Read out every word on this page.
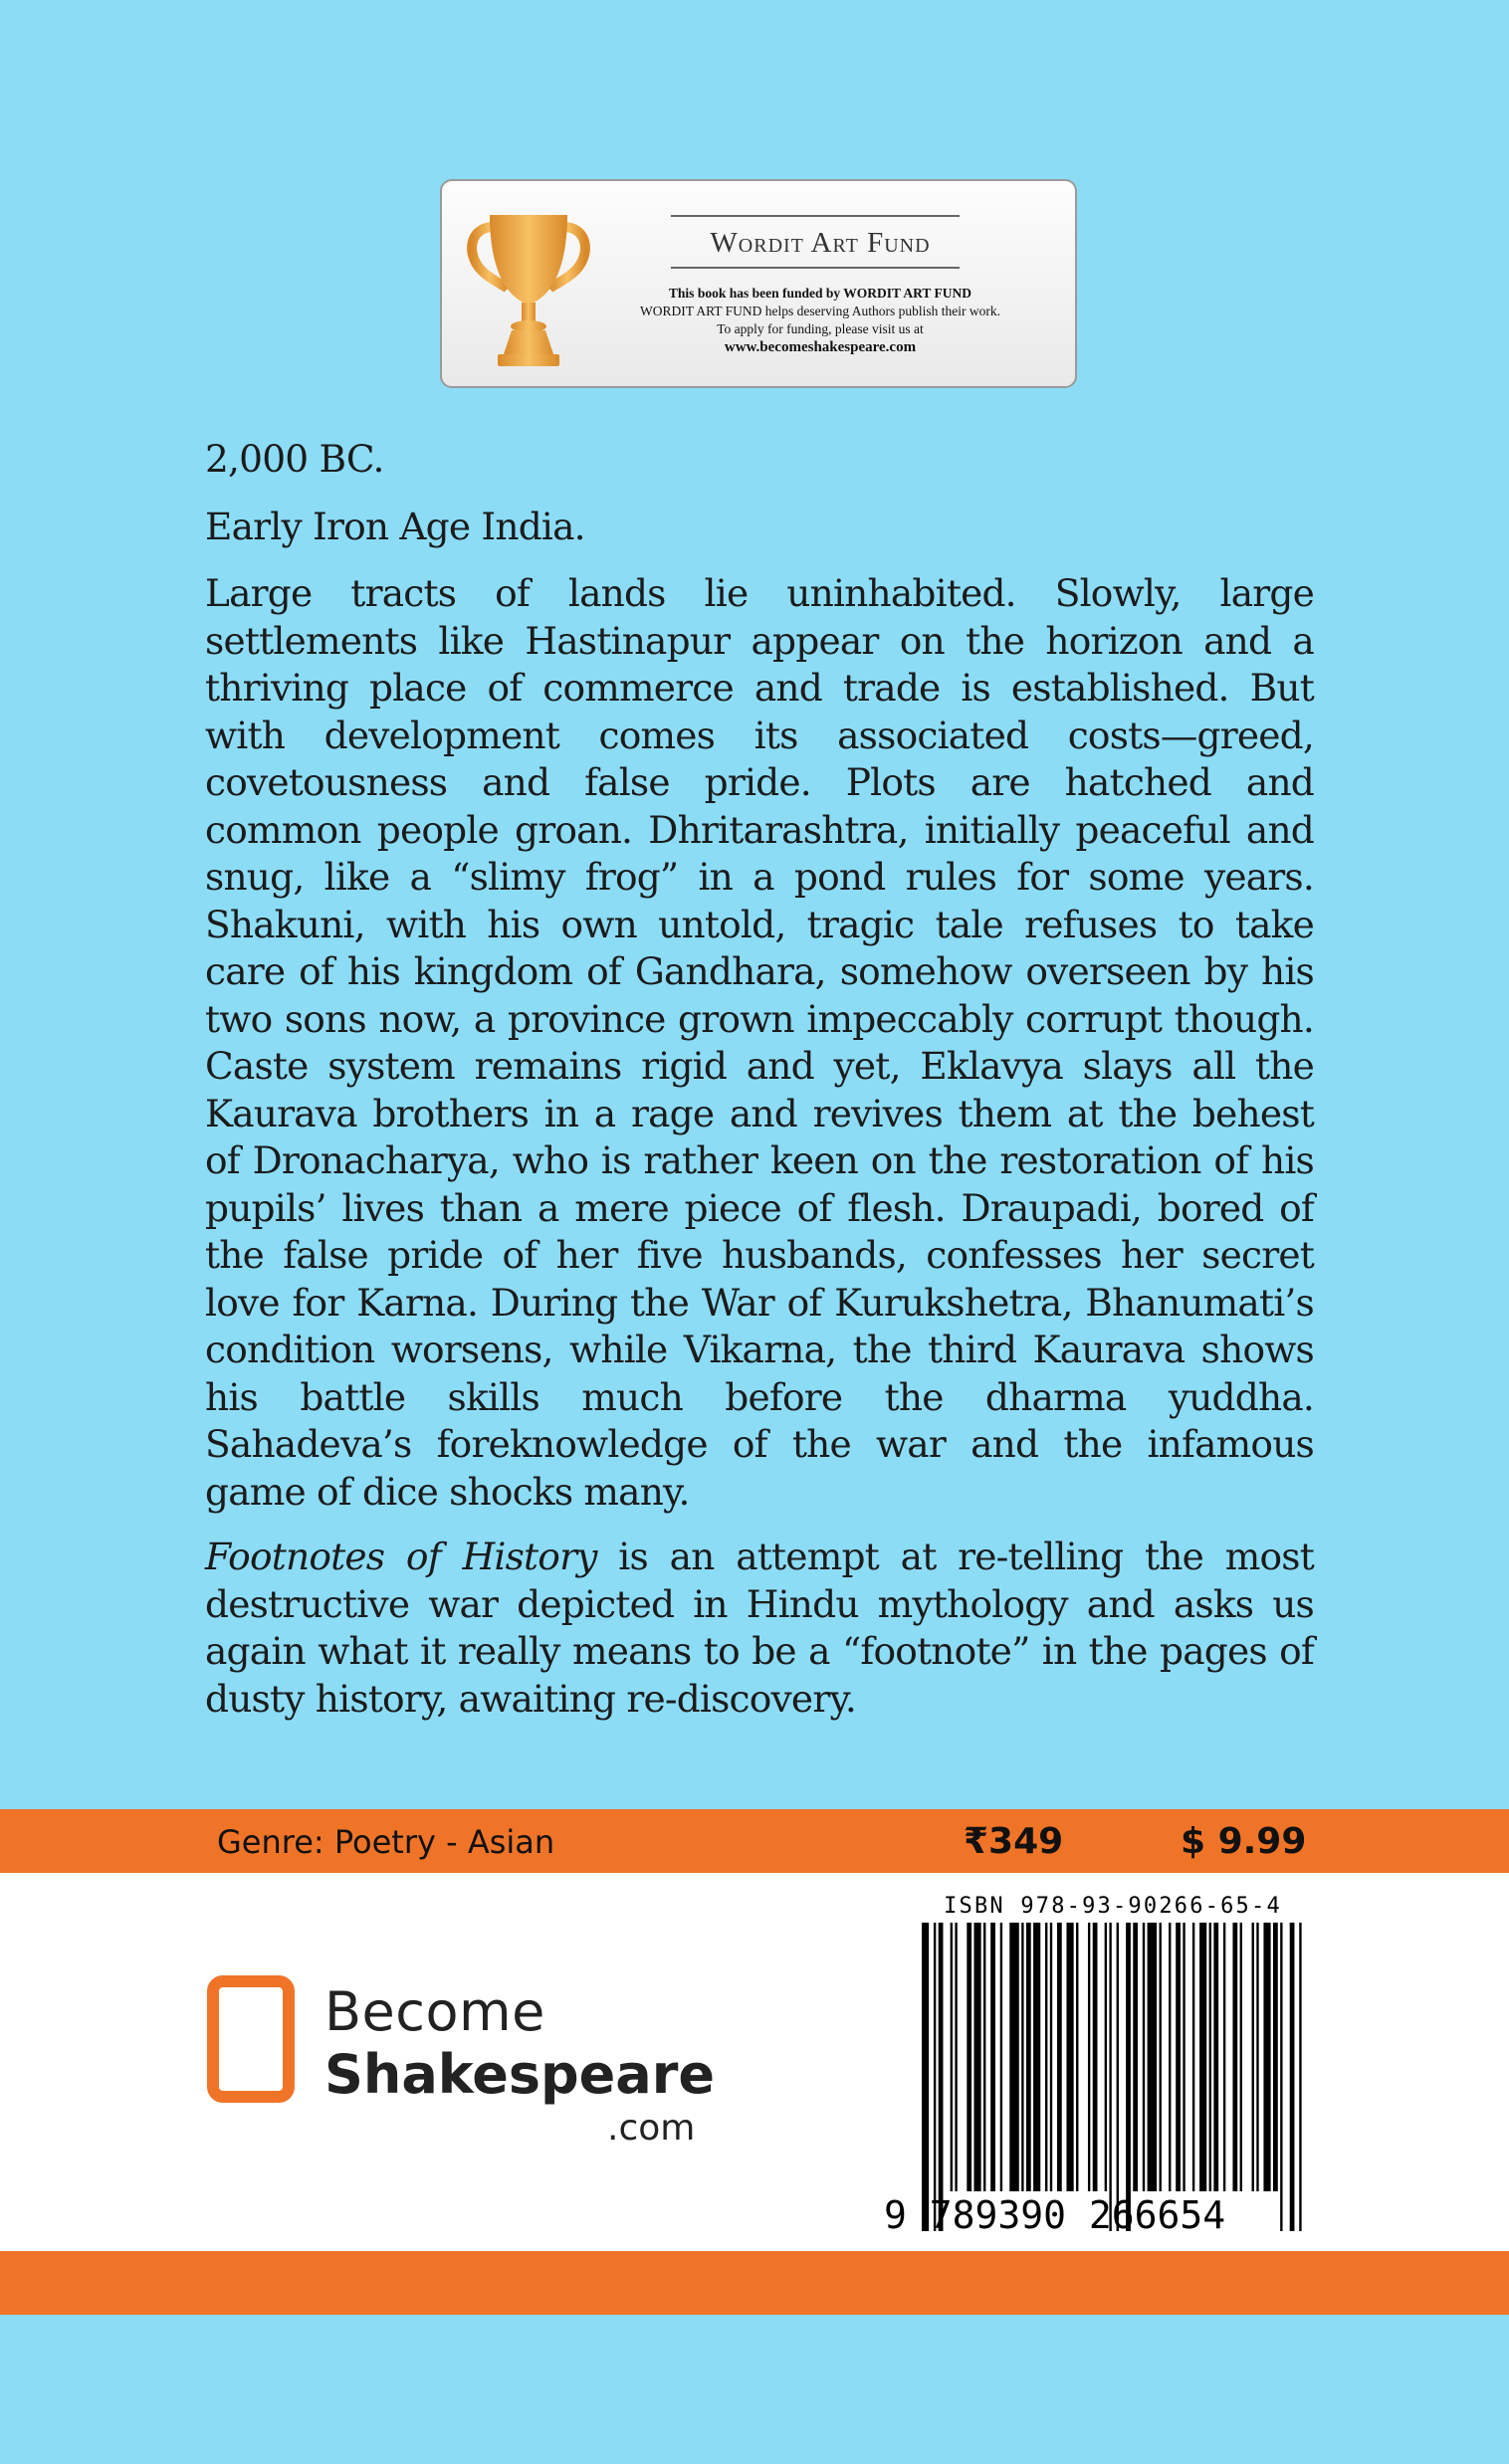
Wordit Art Fund
This book has been funded by WORDIT ART FUND
WORDIT ART FUND helps deserving Authors publish their work.
To apply for funding, please visit us at
www.becomeshakespeare.com

2,000 BC.

Early Iron Age India.

Large tracts of lands lie uninhabited. Slowly, large settlements like Hastinapur appear on the horizon and a thriving place of commerce and trade is established. But with development comes its associated costs—greed, covetousness and false pride. Plots are hatched and common people groan. Dhritarashtra, initially peaceful and snug, like a “slimy frog” in a pond rules for some years. Shakuni, with his own untold, tragic tale refuses to take care of his kingdom of Gandhara, somehow overseen by his two sons now, a province grown impeccably corrupt though. Caste system remains rigid and yet, Eklavya slays all the Kaurava brothers in a rage and revives them at the behest of Dronacharya, who is rather keen on the restoration of his pupils’ lives than a mere piece of flesh. Draupadi, bored of the false pride of her five husbands, confesses her secret love for Karna. During the War of Kurukshetra, Bhanumati’s condition worsens, while Vikarna, the third Kaurava shows his battle skills much before the dharma yuddha. Sahadeva’s foreknowledge of the war and the infamous game of dice shocks many.

Footnotes of History is an attempt at re-telling the most destructive war depicted in Hindu mythology and asks us again what it really means to be a “footnote” in the pages of dusty history, awaiting re-discovery.

Genre: Poetry - Asian	₹349	$ 9.99
Become
Shakespeare
.com
ISBN 978-93-90266-65-4
9 789390 266654
